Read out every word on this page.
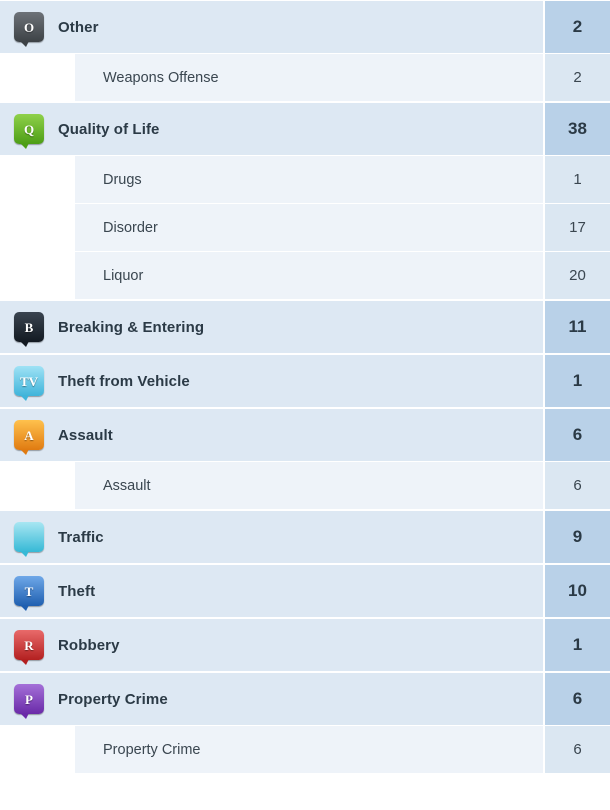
O Other	2
Weapons Offense	2
Q Quality of Life	38
Drugs	1
Disorder	17
Liquor	20
B Breaking & Entering	11
TV Theft from Vehicle	1
A Assault	6
Assault	6
Traffic	9
T Theft	10
R Robbery	1
P Property Crime	6
Property Crime	6
